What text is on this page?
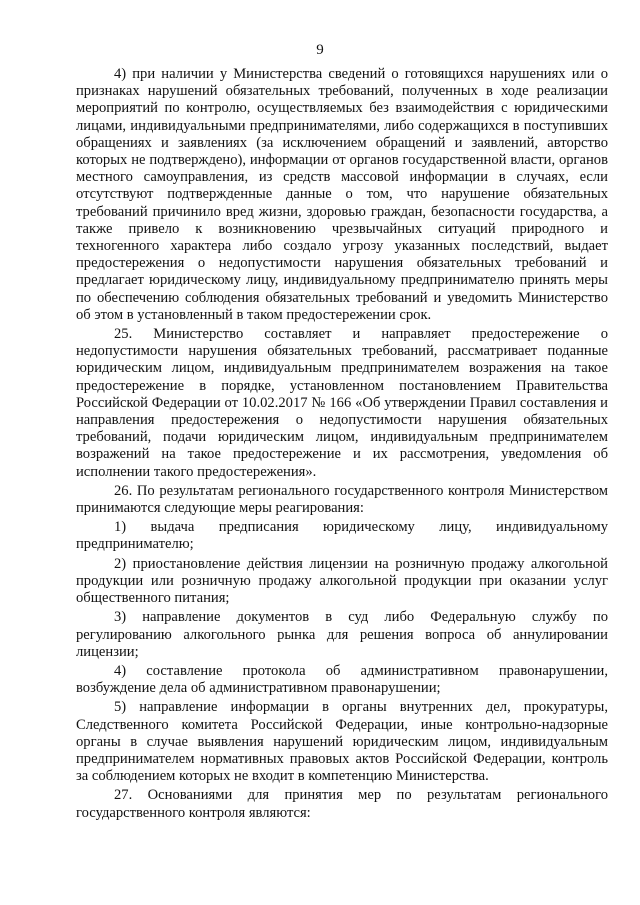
9

4) при наличии у Министерства сведений о готовящихся нарушениях или о признаках нарушений обязательных требований, полученных в ходе реализации мероприятий по контролю, осуществляемых без взаимодействия с юридическими лицами, индивидуальными предпринимателями, либо содержащихся в поступивших обращениях и заявлениях (за исключением обращений и заявлений, авторство которых не подтверждено), информации от органов государственной власти, органов местного самоуправления, из средств массовой информации в случаях, если отсутствуют подтвержденные данные о том, что нарушение обязательных требований причинило вред жизни, здоровью граждан, безопасности государства, а также привело к возникновению чрезвычайных ситуаций природного и техногенного характера либо создало угрозу указанных последствий, выдает предостережения о недопустимости нарушения обязательных требований и предлагает юридическому лицу, индивидуальному предпринимателю принять меры по обеспечению соблюдения обязательных требований и уведомить Министерство об этом в установленный в таком предостережении срок.

25. Министерство составляет и направляет предостережение о недопустимости нарушения обязательных требований, рассматривает поданные юридическим лицом, индивидуальным предпринимателем возражения на такое предостережение в порядке, установленном постановлением Правительства Российской Федерации от 10.02.2017 № 166 «Об утверждении Правил составления и направления предостережения о недопустимости нарушения обязательных требований, подачи юридическим лицом, индивидуальным предпринимателем возражений на такое предостережение и их рассмотрения, уведомления об исполнении такого предостережения».

26. По результатам регионального государственного контроля Министерством принимаются следующие меры реагирования:

1) выдача предписания юридическому лицу, индивидуальному предпринимателю;

2) приостановление действия лицензии на розничную продажу алкогольной продукции или розничную продажу алкогольной продукции при оказании услуг общественного питания;

3) направление документов в суд либо Федеральную службу по регулированию алкогольного рынка для решения вопроса об аннулировании лицензии;

4) составление протокола об административном правонарушении, возбуждение дела об административном правонарушении;

5) направление информации в органы внутренних дел, прокуратуры, Следственного комитета Российской Федерации, иные контрольно-надзорные органы в случае выявления нарушений юридическим лицом, индивидуальным предпринимателем нормативных правовых актов Российской Федерации, контроль за соблюдением которых не входит в компетенцию Министерства.

27. Основаниями для принятия мер по результатам регионального государственного контроля являются:
